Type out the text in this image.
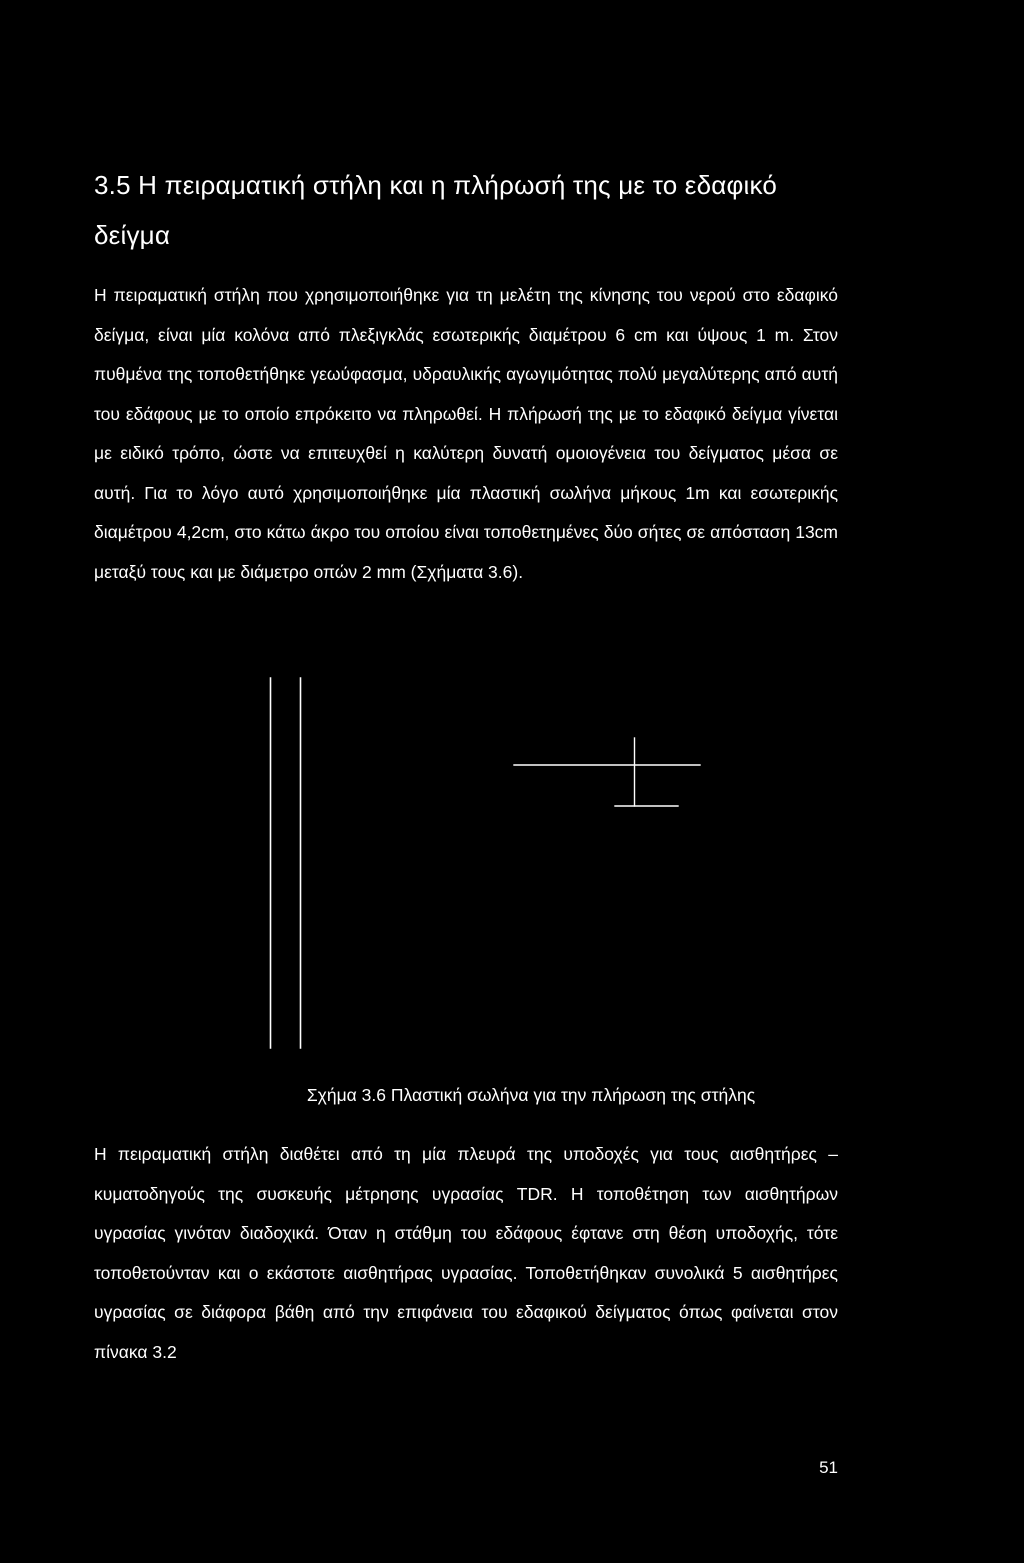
3.5 Η πειραματική στήλη και η πλήρωσή της με το εδαφικό δείγμα

Η πειραματική στήλη που χρησιμοποιήθηκε για τη μελέτη της κίνησης του νερού στο εδαφικό δείγμα, είναι μία κολόνα από πλεξιγκλάς εσωτερικής διαμέτρου 6 cm και ύψους 1 m. Στον πυθμένα της τοποθετήθηκε γεωύφασμα, υδραυλικής αγωγιμότητας πολύ μεγαλύτερης από αυτή του εδάφους με το οποίο επρόκειτο να πληρωθεί. Η πλήρωσή της με το εδαφικό δείγμα γίνεται με ειδικό τρόπο, ώστε να επιτευχθεί η καλύτερη δυνατή ομοιογένεια του δείγματος μέσα σε αυτή. Για το λόγο αυτό χρησιμοποιήθηκε μία πλαστική σωλήνα μήκους 1m και εσωτερικής διαμέτρου 4,2cm, στο κάτω άκρο του οποίου είναι τοποθετημένες δύο σήτες σε απόσταση 13cm μεταξύ τους και με διάμετρο οπών 2 mm (Σχήματα 3.6).

Σχήμα 3.6 Πλαστική σωλήνα για την πλήρωση της στήλης

Η πειραματική στήλη διαθέτει από τη μία πλευρά της υποδοχές για τους αισθητήρες – κυματοδηγούς της συσκευής μέτρησης υγρασίας TDR. Η τοποθέτηση των αισθητήρων υγρασίας γινόταν διαδοχικά. Όταν η στάθμη του εδάφους έφτανε στη θέση υποδοχής, τότε τοποθετούνταν και ο εκάστοτε αισθητήρας υγρασίας. Τοποθετήθηκαν συνολικά 5 αισθητήρες υγρασίας σε διάφορα βάθη από την επιφάνεια του εδαφικού δείγματος όπως φαίνεται στον πίνακα 3.2

51
